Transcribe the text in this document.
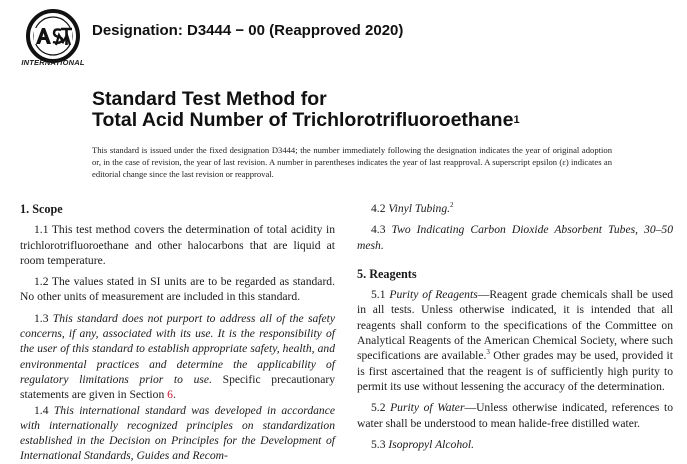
INTERNATIONAL
Designation: D3444 − 00 (Reapproved 2020)
Standard Test Method for
Total Acid Number of Trichlorotrifluoroethane$^1$
This standard is issued under the fixed designation D3444; the number immediately following the designation indicates the year of original adoption or, in the case of revision, the year of last revision. A number in parentheses indicates the year of last reapproval. A superscript epsilon (ε) indicates an editorial change since the last revision or reapproval.

1. Scope

1.1 This test method covers the determination of total acidity in trichlorotrifluoroethane and other halocarbons that are liquid at room temperature.

1.2 The values stated in SI units are to be regarded as standard. No other units of measurement are included in this standard.

1.3 This standard does not purport to address all of the safety concerns, if any, associated with its use. It is the responsibility of the user of this standard to establish appropriate safety, health, and environmental practices and determine the applicability of regulatory limitations prior to use. Specific precautionary statements are given in Section 6.

1.4 This international standard was developed in accordance with internationally recognized principles on standardization established in the Decision on Principles for the Development of International Standards, Guides and Recom-

4.2 Vinyl Tubing.$^2$

4.3 Two Indicating Carbon Dioxide Absorbent Tubes, 30–50 mesh.

5. Reagents

5.1 Purity of Reagents—Reagent grade chemicals shall be used in all tests. Unless otherwise indicated, it is intended that all reagents shall conform to the specifications of the Committee on Analytical Reagents of the American Chemical Society, where such specifications are available.$^3$ Other grades may be used, provided it is first ascertained that the reagent is of sufficiently high purity to permit its use without lessening the accuracy of the determination.

5.2 Purity of Water—Unless otherwise indicated, references to water shall be understood to mean halide-free distilled water.

5.3 Isopropyl Alcohol.
